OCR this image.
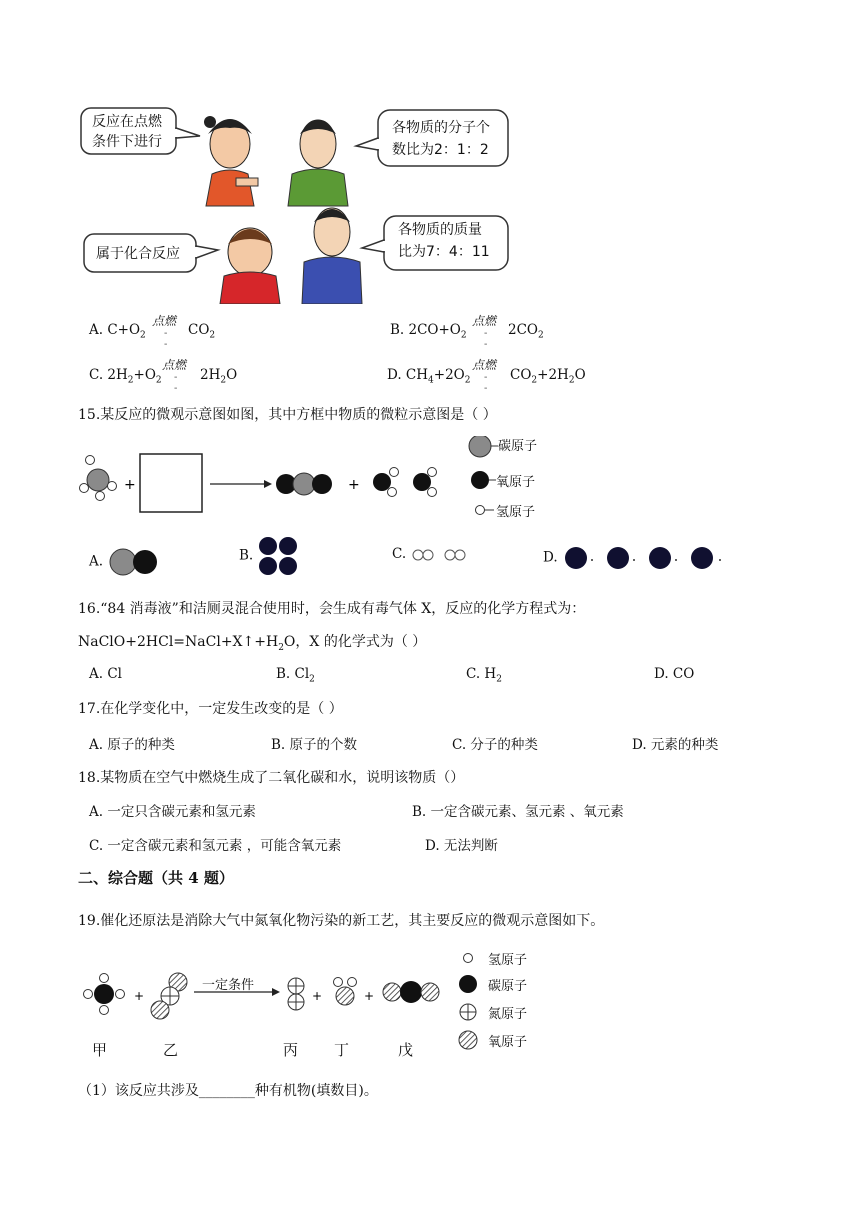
反应在点燃
条件下进行
各物质的分子个
数比为2：1：2
属于化合反应
各物质的质量
比为7：4：11
A. $C+O_2$
点燃
-
-
$CO_2$	B. $2CO+O_2$
点燃
-
-
$2CO_2$
C. $2H_2+O_2$
点燃
-
-
$2H_2O$	D. $CH_4+2O_2$
点燃
-
-
$CO_2+2H_2O$
15.某反应的微观示意图如图，其中方框中物质的微粒示意图是（ ）
+	+
碳原子
氧原子
氢原子
A.	B.	C.	D.
16.“84 消毒液”和洁厕灵混合使用时，会生成有毒气体 X，反应的化学方程式为：
$NaClO+2HCl=NaCl+X↑+H_2O$，X 的化学式为（ ）
A. Cl	B. $Cl_2$	C. $H_2$	D. CO
17.在化学变化中，一定发生改变的是（ ）
A. 原子的种类	B. 原子的个数	C. 分子的种类	D. 元素的种类
18.某物质在空气中燃烧生成了二氧化碳和水，说明该物质（）
A. 一定只含碳元素和氢元素	B. 一定含碳元素、氢元素 、氧元素
C. 一定含碳元素和氢元素 ，可能含氧元素	D. 无法判断
二、综合题（共 4 题）
19.催化还原法是消除大气中氮氧化物污染的新工艺，其主要反应的微观示意图如下。
+	+	+
一定条件
甲	乙	丙 丁	戊
氢原子
碳原子
氮原子
氧原子
（1）该反应共涉及________种有机物(填数目)。
